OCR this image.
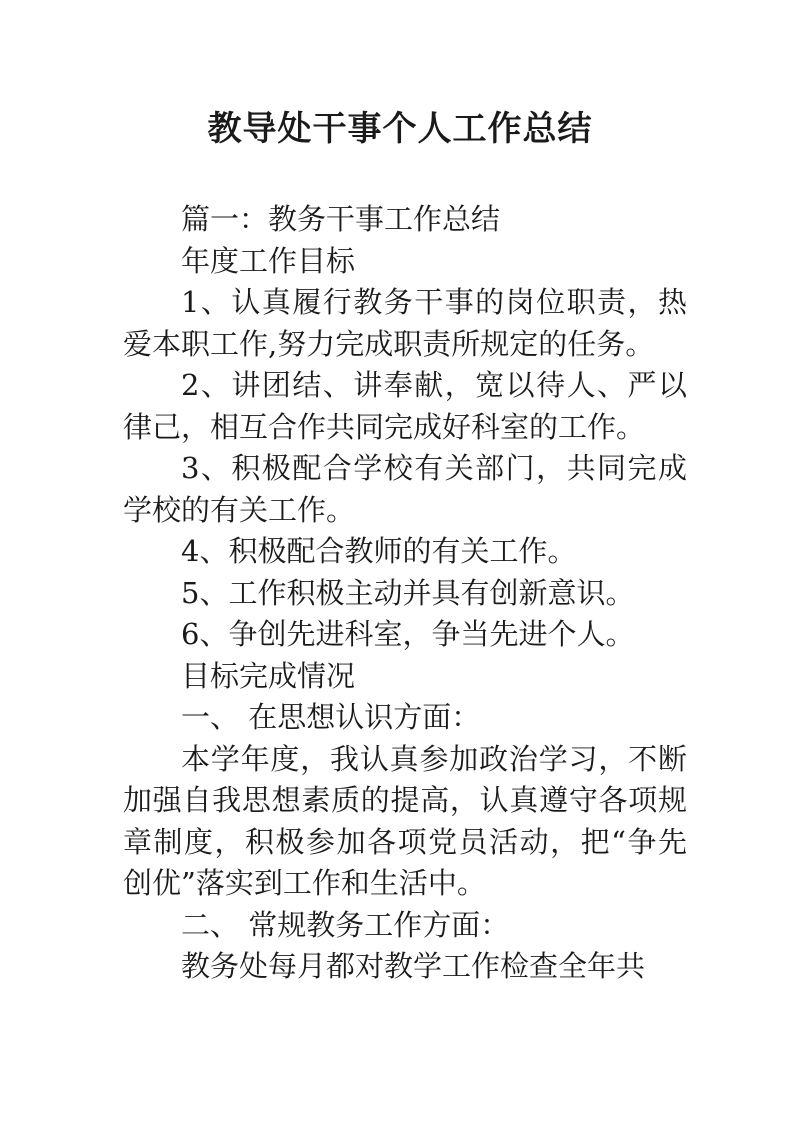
教导处干事个人工作总结

篇一：教务干事工作总结

年度工作目标

1、认真履行教务干事的岗位职责，热爱本职工作,努力完成职责所规定的任务。

2、讲团结、讲奉献，宽以待人、严以律己，相互合作共同完成好科室的工作。

3、积极配合学校有关部门，共同完成学校的有关工作。

4、积极配合教师的有关工作。

5、工作积极主动并具有创新意识。

6、争创先进科室，争当先进个人。

目标完成情况

一、 在思想认识方面：

本学年度，我认真参加政治学习，不断加强自我思想素质的提高，认真遵守各项规章制度，积极参加各项党员活动，把“争先创优”落实到工作和生活中。

二、 常规教务工作方面：

教务处每月都对教学工作检查全年共
